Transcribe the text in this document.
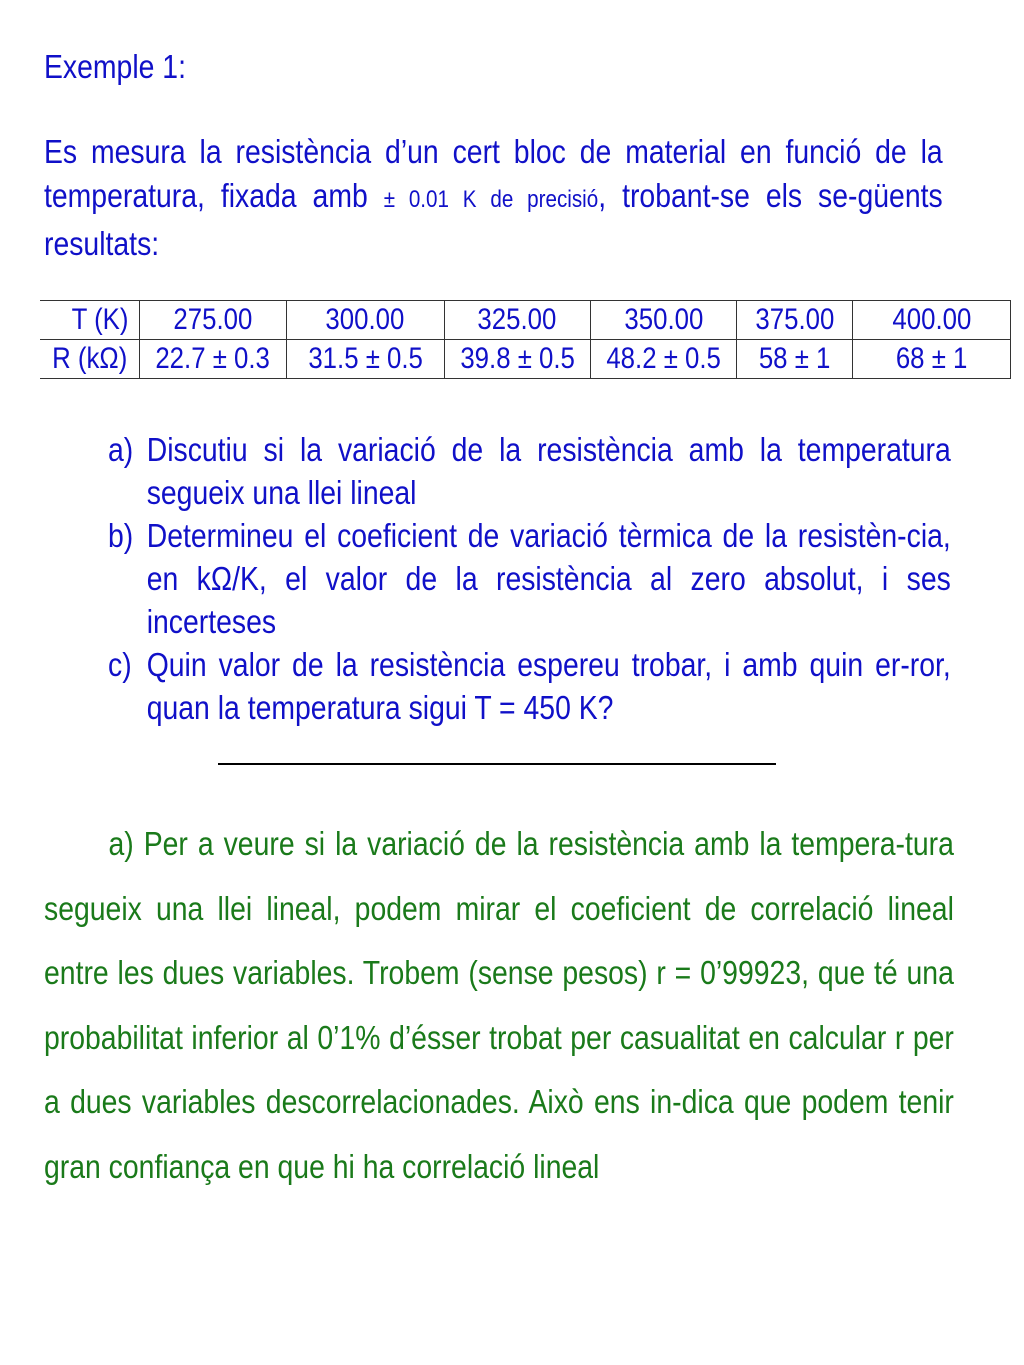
Exemple 1:
Es mesura la resistència d’un cert bloc de material en funció de la temperatura, fixada amb ± 0.01 K de precisió, trobant-se els se-güents resultats:
T (K)	275.00	300.00	325.00	350.00	375.00	400.00
R (kΩ)	22.7 ± 0.3	31.5 ± 0.5	39.8 ± 0.5	48.2 ± 0.5	58 ± 1	68 ± 1
a) Discutiu si la variació de la resistència amb la temperatura segueix una llei lineal
b) Determineu el coeficient de variació tèrmica de la resistèn-cia, en kΩ/K, el valor de la resistència al zero absolut, i ses incerteses
c) Quin valor de la resistència espereu trobar, i amb quin er-ror, quan la temperatura sigui T = 450 K?
a) Per a veure si la variació de la resistència amb la tempera-tura segueix una llei lineal, podem mirar el coeficient de correlació lineal entre les dues variables. Trobem (sense pesos) r = 0’99923, que té una probabilitat inferior al 0’1% d’ésser trobat per casualitat en calcular r per a dues variables descorrelacionades. Això ens in-dica que podem tenir gran confiança en que hi ha correlació lineal
